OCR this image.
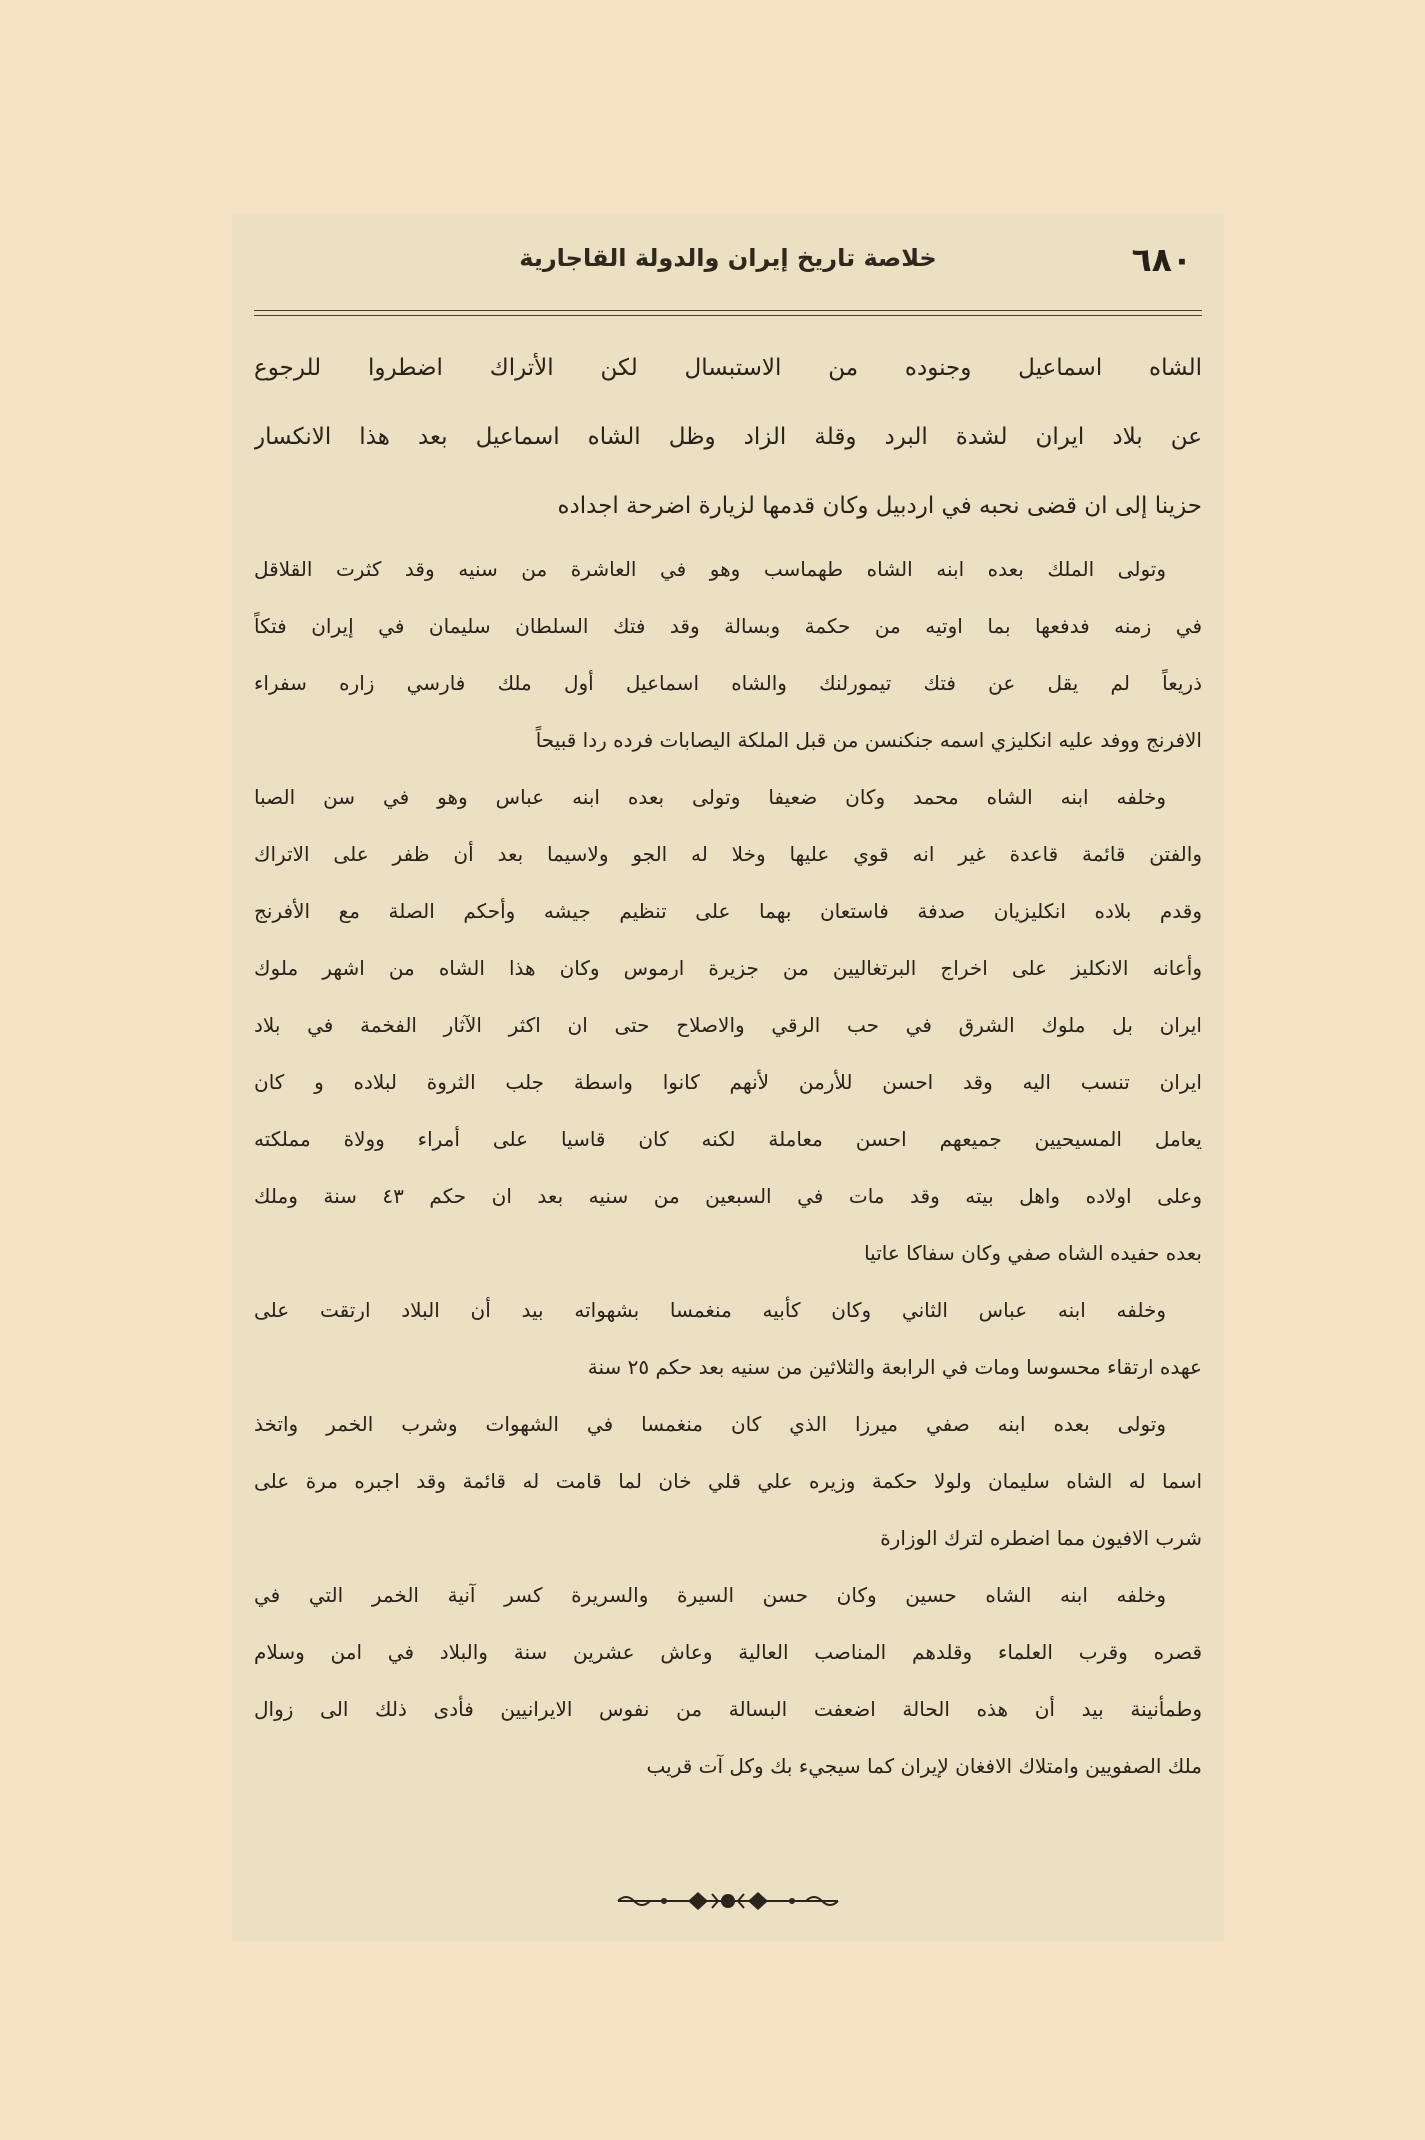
٦٨٠
خلاصة تاريخ إيران والدولة القاجارية
الشاه اسماعيل وجنوده من الاستبسال لكن الأتراك اضطروا للرجوع
عن بلاد ايران لشدة البرد وقلة الزاد وظل الشاه اسماعيل بعد هذا الانكسار
حزينا إلى ان قضى نحبه في اردبيل وكان قدمها لزيارة اضرحة اجداده
وتولى الملك بعده ابنه الشاه طهماسب وهو في العاشرة من سنيه وقد كثرت القلاقل
في زمنه فدفعها بما اوتيه من حكمة وبسالة وقد فتك السلطان سليمان في إيران فتكاً
ذريعاً لم يقل عن فتك تيمورلنك والشاه اسماعيل أول ملك فارسي زاره سفراء
الافرنج ووفد عليه انكليزي اسمه جنكنسن من قبل الملكة اليصابات فرده ردا قبيحاً
وخلفه ابنه الشاه محمد وكان ضعيفا وتولى بعده ابنه عباس وهو في سن الصبا
والفتن قائمة قاعدة غير انه قوي عليها وخلا له الجو ولاسيما بعد أن ظفر على الاتراك
وقدم بلاده انكليزيان صدفة فاستعان بهما على تنظيم جيشه وأحكم الصلة مع الأفرنج
وأعانه الانكليز على اخراج البرتغاليين من جزيرة ارموس وكان هذا الشاه من اشهر ملوك
ايران بل ملوك الشرق في حب الرقي والاصلاح حتى ان اكثر الآثار الفخمة في بلاد
ايران تنسب اليه وقد احسن للأرمن لأنهم كانوا واسطة جلب الثروة لبلاده و كان
يعامل المسيحيين جميعهم احسن معاملة لكنه كان قاسيا على أمراء وولاة مملكته
وعلى اولاده واهل بيته وقد مات في السبعين من سنيه بعد ان حكم ٤٣ سنة وملك
بعده حفيده الشاه صفي وكان سفاكا عاتيا
وخلفه ابنه عباس الثاني وكان كأبيه منغمسا بشهواته بيد أن البلاد ارتقت على
عهده ارتقاء محسوسا ومات في الرابعة والثلاثين من سنيه بعد حكم ٢٥ سنة
وتولى بعده ابنه صفي ميرزا الذي كان منغمسا في الشهوات وشرب الخمر واتخذ
اسما له الشاه سليمان ولولا حكمة وزيره علي قلي خان لما قامت له قائمة وقد اجبره مرة على
شرب الافيون مما اضطره لترك الوزارة
وخلفه ابنه الشاه حسين وكان حسن السيرة والسريرة كسر آنية الخمر التي في
قصره وقرب العلماء وقلدهم المناصب العالية وعاش عشرين سنة والبلاد في امن وسلام
وطمأنينة بيد أن هذه الحالة اضعفت البسالة من نفوس الايرانيين فأدى ذلك الى زوال
ملك الصفويين وامتلاك الافغان لإيران كما سيجيء بك وكل آت قريب
